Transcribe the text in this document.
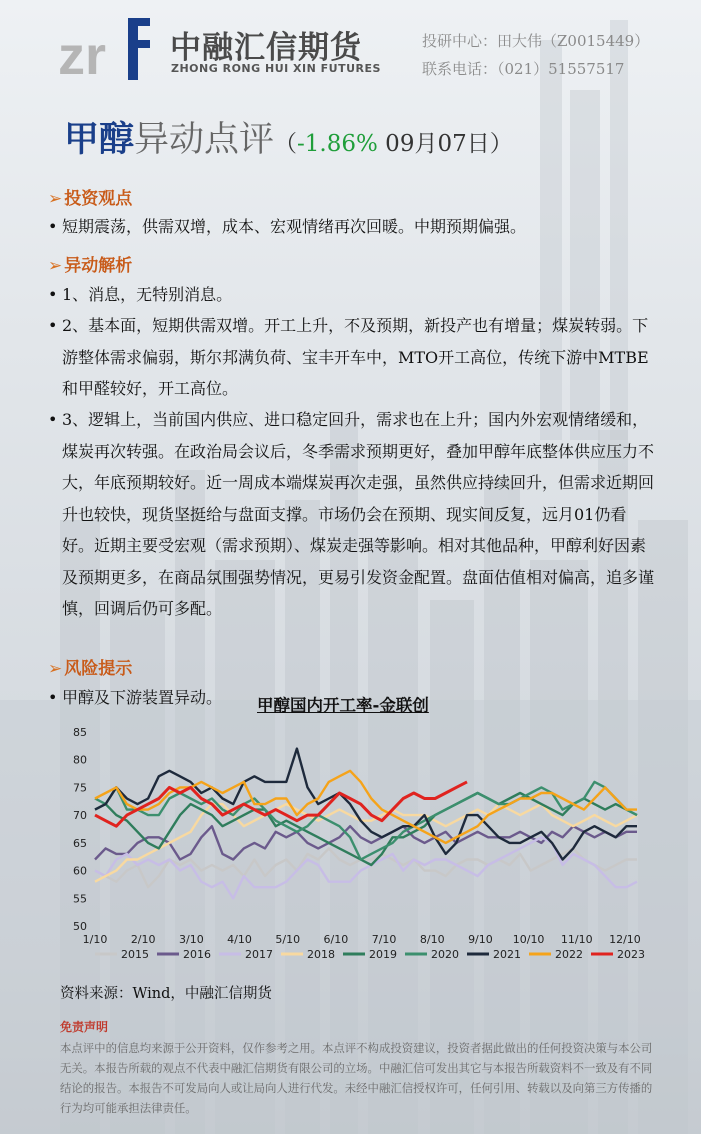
zr 中融汇信期货
ZHONG RONG HUI XIN FUTURES
投研中心：田大伟（Z0015449）
联系电话：（021）51557517
甲醇异动点评（-1.86% 09月07日）
➢ 投资观点
• 短期震荡，供需双增，成本、宏观情绪再次回暖。中期预期偏强。
➢ 异动解析
• 1、消息，无特别消息。
• 2、基本面，短期供需双增。开工上升，不及预期，新投产也有增量；煤炭转弱。下游整体需求偏弱，斯尔邦满负荷、宝丰开车中，MTO开工高位，传统下游中MTBE和甲醛较好，开工高位。
• 3、逻辑上，当前国内供应、进口稳定回升，需求也在上升；国内外宏观情绪缓和，煤炭再次转强。在政治局会议后，冬季需求预期更好，叠加甲醇年底整体供应压力不大，年底预期较好。近一周成本端煤炭再次走强，虽然供应持续回升，但需求近期回升也较快，现货坚挺给与盘面支撑。市场仍会在预期、现实间反复，远月01仍看好。近期主要受宏观（需求预期）、煤炭走强等影响。相对其他品种，甲醇利好因素及预期更多，在商品氛围强势情况，更易引发资金配置。盘面估值相对偏高，追多谨慎，回调后仍可多配。
➢ 风险提示
• 甲醇及下游装置异动。	甲醇国内开工率-金联创
50
55
60
65
70
75
80
85
1/10 2/10 3/10 4/10 5/10 6/10 7/10 8/10 9/10 10/10 11/10 12/10
2015	2016	2017	2018	2019	2020	2021	2022	2023
资料来源：Wind，中融汇信期货
免责声明
本点评中的信息均来源于公开资料，仅作参考之用。本点评不构成投资建议，投资者据此做出的任何投资决策与本公司无关。本报告所载的观点不代表中融汇信期货有限公司的立场。中融汇信可发出其它与本报告所载资料不一致及有不同结论的报告。本报告不可发局向人或让局向人进行代发。未经中融汇信授权许可，任何引用、转载以及向第三方传播的行为均可能承担法律责任。
